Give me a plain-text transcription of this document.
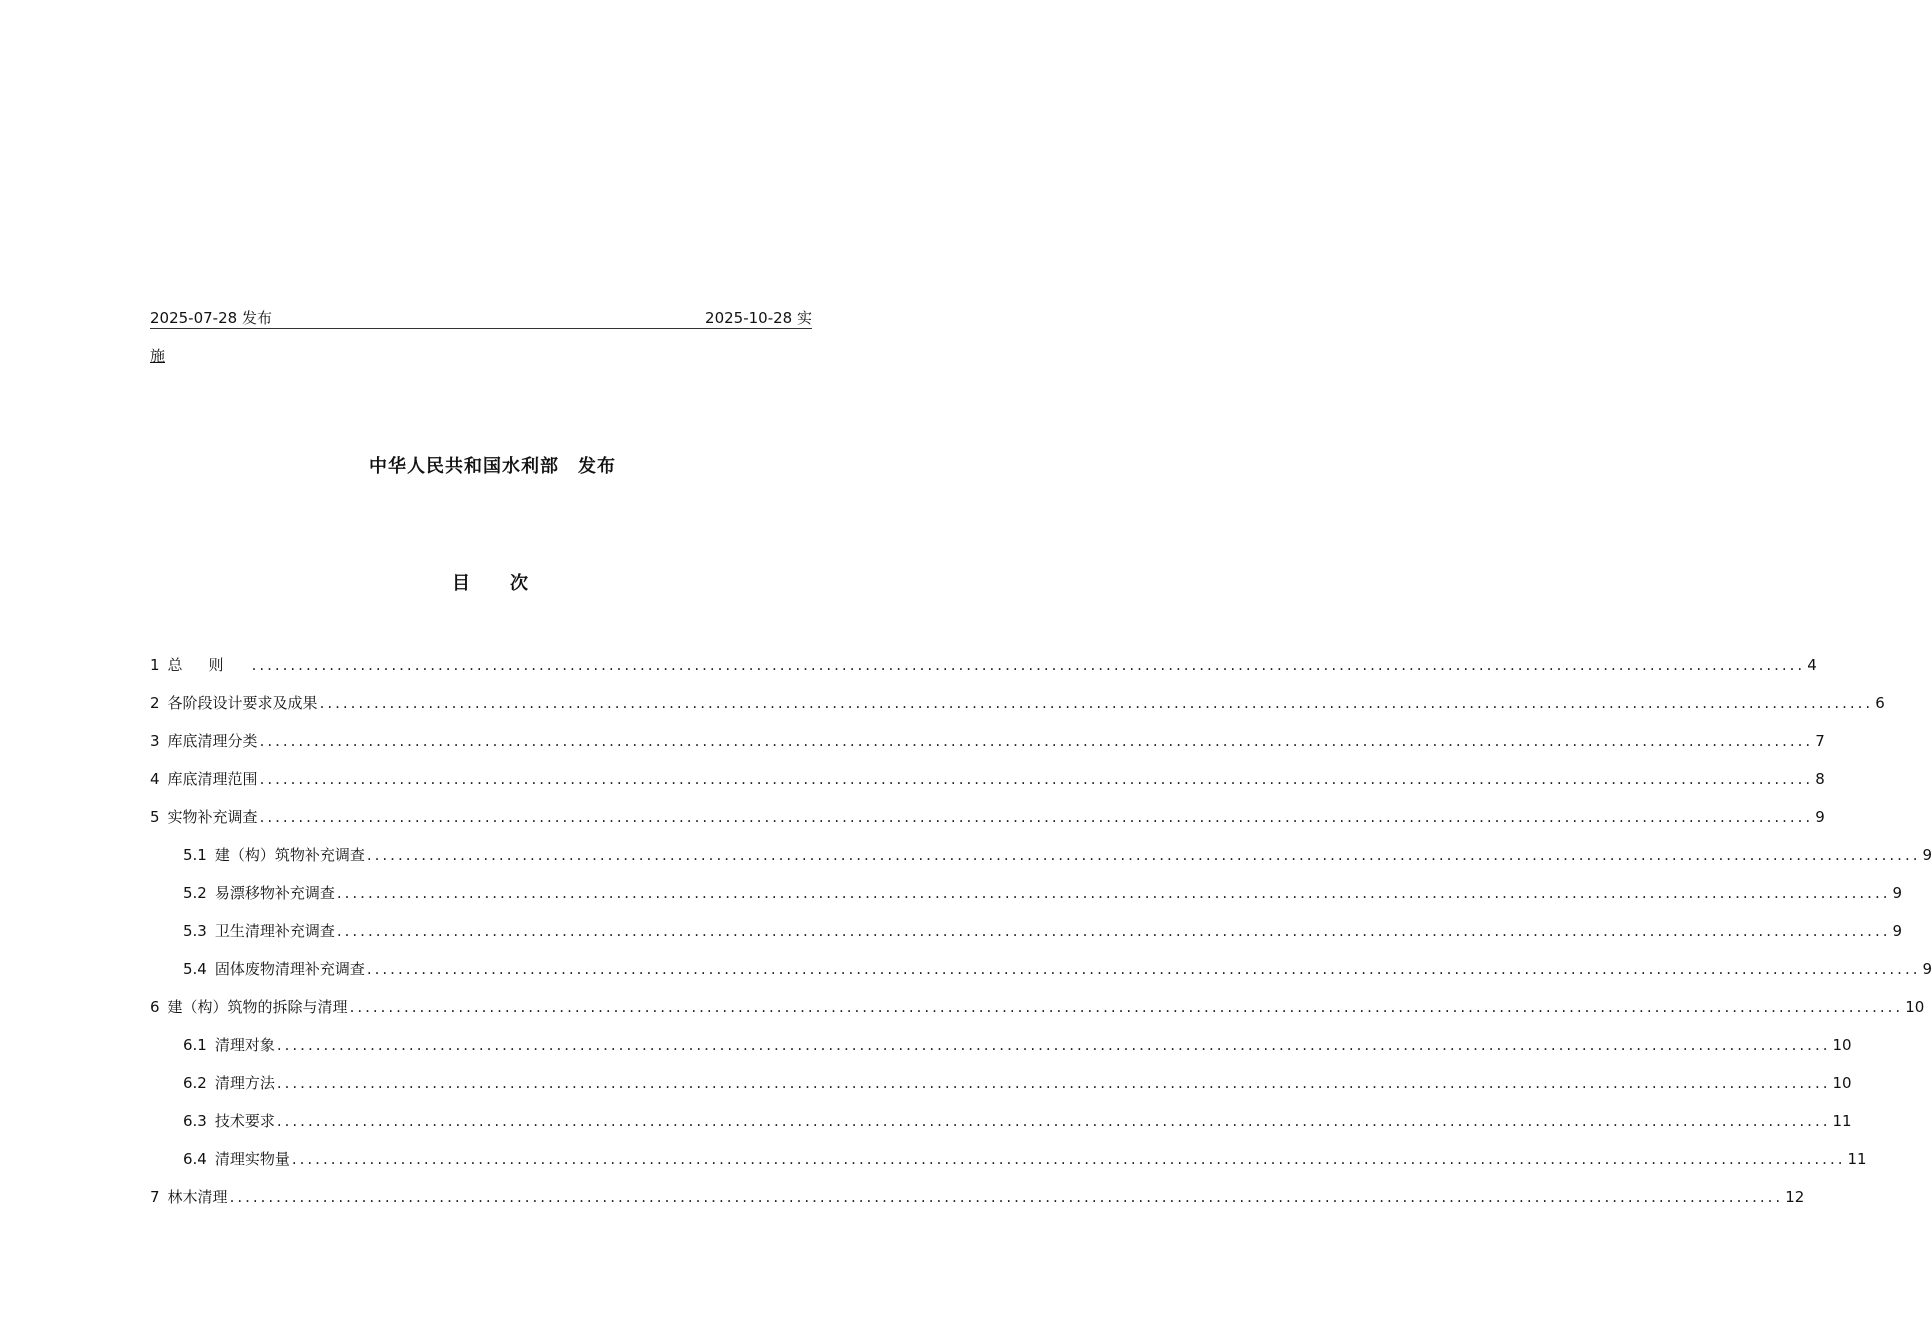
2025-07-28 发布	2025-10-28 实
施
中华人民共和国水利部　发布
目 次
1 总则 ........................................................................................................................................................................................................ 4
2 各阶段设计要求及成果 ........................................................................................................................................................................................................ 6
3 库底清理分类 ........................................................................................................................................................................................................ 7
4 库底清理范围 ........................................................................................................................................................................................................ 8
5 实物补充调查 ........................................................................................................................................................................................................ 9
5.1 建（构）筑物补充调查 ........................................................................................................................................................................................................ 9
5.2 易漂移物补充调查 ........................................................................................................................................................................................................ 9
5.3 卫生清理补充调查 ........................................................................................................................................................................................................ 9
5.4 固体废物清理补充调查 ........................................................................................................................................................................................................ 9
6 建（构）筑物的拆除与清理 ........................................................................................................................................................................................................ 10
6.1 清理对象 ........................................................................................................................................................................................................ 10
6.2 清理方法 ........................................................................................................................................................................................................ 10
6.3 技术要求 ........................................................................................................................................................................................................ 11
6.4 清理实物量 ........................................................................................................................................................................................................ 11
7 林木清理 ........................................................................................................................................................................................................ 12
